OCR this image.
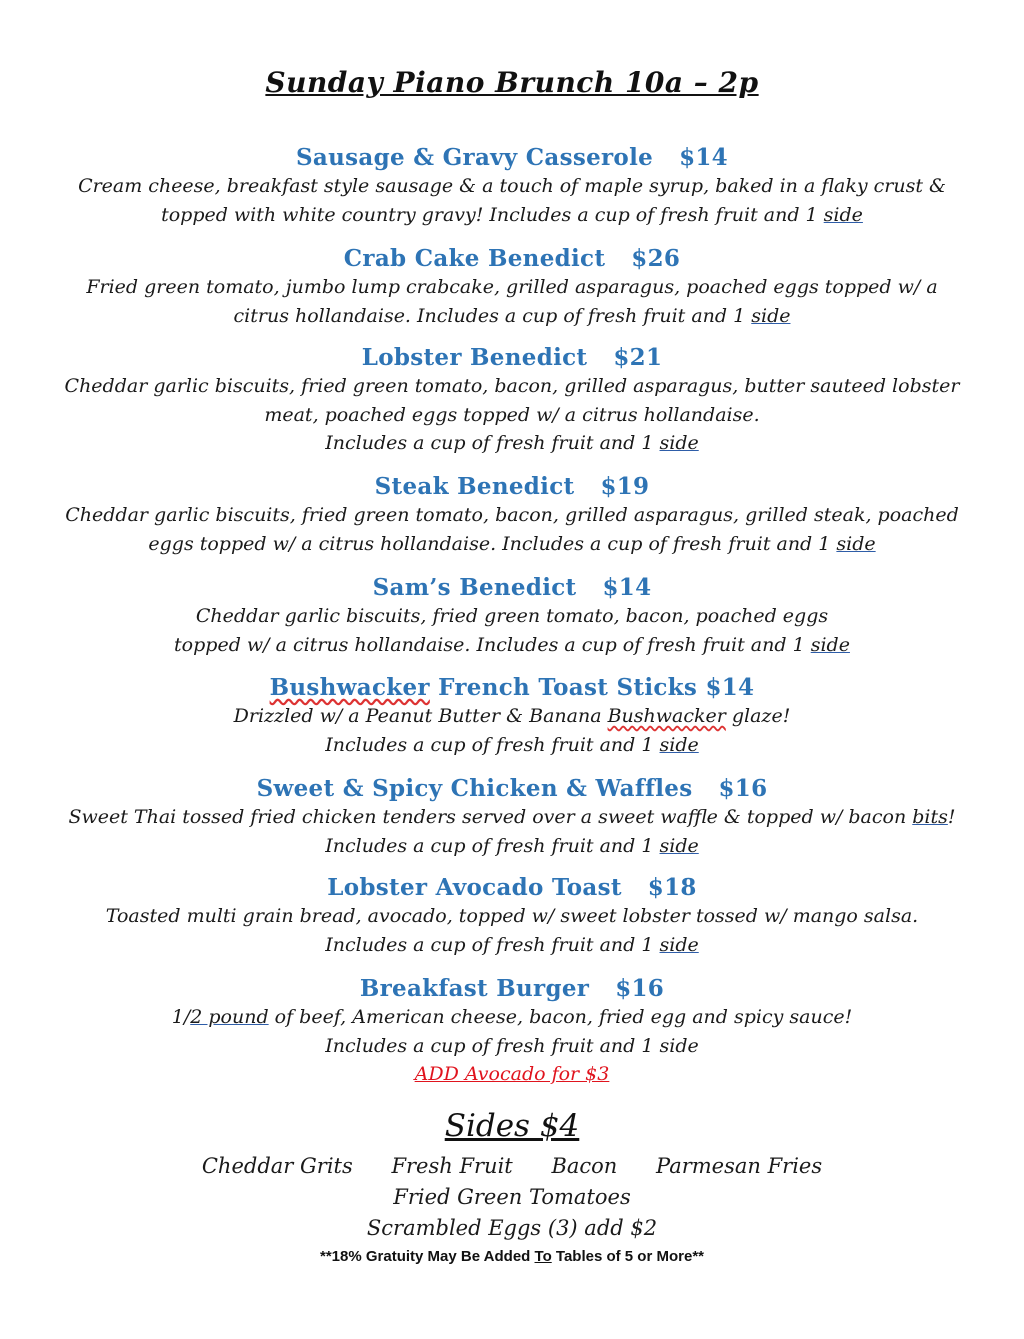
Sunday Piano Brunch 10a – 2p
Sausage & Gravy Casserole $14
Cream cheese, breakfast style sausage & a touch of maple syrup, baked in a flaky crust &
topped with white country gravy! Includes a cup of fresh fruit and 1 side
Crab Cake Benedict $26
Fried green tomato, jumbo lump crabcake, grilled asparagus, poached eggs topped w/ a
citrus hollandaise. Includes a cup of fresh fruit and 1 side
Lobster Benedict $21
Cheddar garlic biscuits, fried green tomato, bacon, grilled asparagus, butter sauteed lobster
meat, poached eggs topped w/ a citrus hollandaise.
Includes a cup of fresh fruit and 1 side
Steak Benedict $19
Cheddar garlic biscuits, fried green tomato, bacon, grilled asparagus, grilled steak, poached
eggs topped w/ a citrus hollandaise. Includes a cup of fresh fruit and 1 side
Sam’s Benedict $14
Cheddar garlic biscuits, fried green tomato, bacon, poached eggs
topped w/ a citrus hollandaise. Includes a cup of fresh fruit and 1 side
Bushwacker French Toast Sticks $14
Drizzled w/ a Peanut Butter & Banana Bushwacker glaze!
Includes a cup of fresh fruit and 1 side
Sweet & Spicy Chicken & Waffles $16
Sweet Thai tossed fried chicken tenders served over a sweet waffle & topped w/ bacon bits!
Includes a cup of fresh fruit and 1 side
Lobster Avocado Toast $18
Toasted multi grain bread, avocado, topped w/ sweet lobster tossed w/ mango salsa.
Includes a cup of fresh fruit and 1 side
Breakfast Burger $16
1/2 pound of beef, American cheese, bacon, fried egg and spicy sauce!
Includes a cup of fresh fruit and 1 side
ADD Avocado for $3
Sides $4
Cheddar Grits Fresh Fruit Bacon Parmesan Fries
Fried Green Tomatoes
Scrambled Eggs (3) add $2
**18% Gratuity May Be Added To Tables of 5 or More**
